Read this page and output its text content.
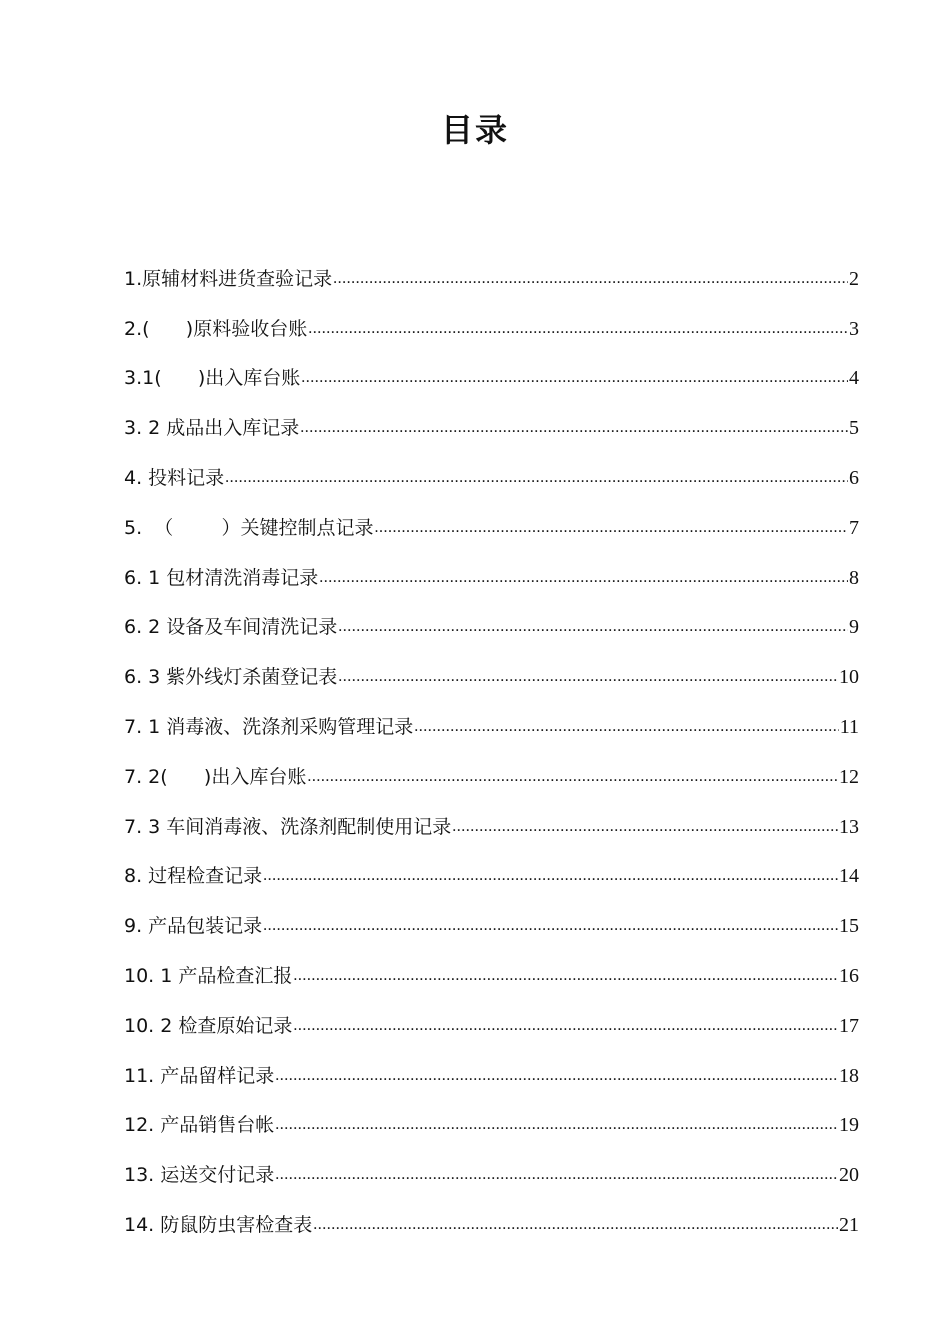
目录
1.原辅材料进货查验记录 .....	2
2.(      )原料验收台账 .....	3
3.1(      )出入库台账 .....	4
3. 2 成品出入库记录 .....	5
4. 投料记录 .....	6
5.  （        ）关键控制点记录 .....	7
6. 1 包材清洗消毒记录 .....	8
6. 2 设备及车间清洗记录 .....	9
6. 3 紫外线灯杀菌登记表 .....	10
7. 1 消毒液、洗涤剂采购管理记录 .....	11
7. 2(      )出入库台账 .....	12
7. 3 车间消毒液、洗涤剂配制使用记录 .....	13
8. 过程检查记录 .....	14
9. 产品包装记录 .....	15
10. 1 产品检查汇报 .....	16
10. 2 检查原始记录 .....	17
11. 产品留样记录 .....	18
12. 产品销售台帐 .....	19
13. 运送交付记录 .....	20
14. 防鼠防虫害检查表 .....	21
